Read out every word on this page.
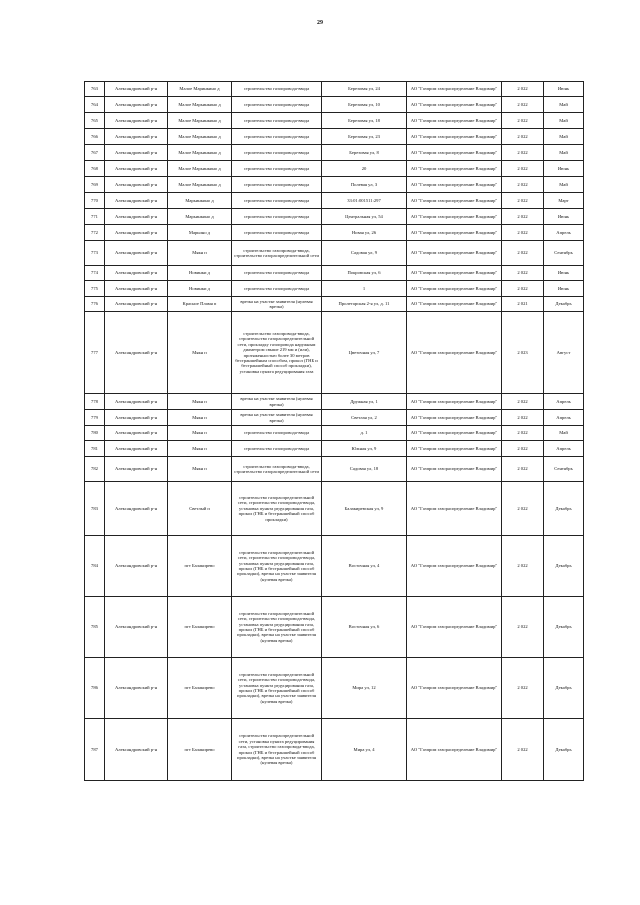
29
763	Александровский р-н	Малое Маринкино д	строительство газопровода-ввода	Березовая ул, 24	АО "Газпром газораспределение Владимир"	2 022	Июнь
764	Александровский р-н	Малое Марьинкино д	строительство газопровода-ввода	Березовая ул, 10	АО "Газпром газораспределение Владимир"	2 022	Май
765	Александровский р-н	Малое Марьинкино д	строительство газопровода-ввода	Березовая ул, 18	АО "Газпром газораспределение Владимир"	2 022	Май
766	Александровский р-н	Малое Марьинкино д	строительство газопровода-ввода	Березовая ул, 23	АО "Газпром газораспределение Владимир"	2 022	Май
767	Александровский р-н	Малое Марьинкино д	строительство газопровода-ввода	Березовая ул, 8	АО "Газпром газораспределение Владимир"	2 022	Май
768	Александровский р-н	Малое Марьинкино д	строительство газопровода-ввода	20	АО "Газпром газораспределение Владимир"	2 022	Июнь
769	Александровский р-н	Малое Марьинкино д	строительство газопровода-ввода	Полевая ул, 3	АО "Газпром газораспределение Владимир"	2 022	Май
770	Александровский р-н	Марьинкино д	строительство газопровода-ввода	33:01:001511:297	АО "Газпром газораспределение Владимир"	2 022	Март
771	Александровский р-н	Марьинкино д	строительство газопровода-ввода	Центральная ул, 54	АО "Газпром газораспределение Владимир"	2 022	Июнь
772	Александровский р-н	Марьино д	строительство газопровода-ввода	Новая ул, 26	АО "Газпром газораспределение Владимир"	2 022	Апрель
773	Александровский р-н	Мякн п	строительство газопровода-ввода, строительство газораспределительной сети	Садовая ул, 9	АО "Газпром газораспределение Владимир"	2 022	Сентябрь
774	Александровский р-н	Новинки д	строительство газопровода-ввода	Покровская ул, 6	АО "Газпром газораспределение Владимир"	2 022	Июнь
775	Александровский р-н	Новинки д	строительство газопровода-ввода	1	АО "Газпром газораспределение Владимир"	2 022	Июнь
776	Александровский р-н	Красное Пламя п	врезка на участке заявителя (нулевая врезка)	Пролетарская 2-я ул, д. 11	АО "Газпром газораспределение Владимир"	2 021	Декабрь
777	Александровский р-н	Мякн п	строительство газопровода-ввода, строительство газораспределительной сети, прокладку газопровода наружным диаметром свыше 219 мм и (или), протяженностью более 30 метров бестраншейным способом, прокол (ГНБ и бестраншейный способ прокладки), установка пункта редуцирования газа	Цветочная ул, 7	АО "Газпром газораспределение Владимир"	2 023	Август
778	Александровский р-н	Мякн п	врезка на участке заявителя (нулевая врезка)	Дружная ул, 1	АО "Газпром газораспределение Владимир"	2 022	Апрель
779	Александровский р-н	Мякн п	врезка на участке заявителя (нулевая врезка)	Светлая ул, 2	АО "Газпром газораспределение Владимир"	2 022	Апрель
780	Александровский р-н	Мякн п	строительство газопровода-ввода	д. 1	АО "Газпром газораспределение Владимир"	2 022	Май
781	Александровский р-н	Мякн п	строительство газопровода-ввода	Южная ул, 9	АО "Газпром газораспределение Владимир"	2 022	Апрель
782	Александровский р-н	Мякн п	строительство газопровода-ввода, строительство газораспределительной сети	Садовая ул, 18	АО "Газпром газораспределение Владимир"	2 022	Сентябрь
783	Александровский р-н	Светлый п	строительство газораспределительной сети, строительство газопровода-ввода, установка пункта редуцирования газа, прокол (ГНБ и бестраншейный способ прокладки)	Балакиревская ул, 9	АО "Газпром газораспределение Владимир"	2 022	Декабрь
784	Александровский р-н	пгт Балакирево	строительство газораспределительной сети, строительство газопровода-ввода, установка пункта редуцирования газа, прокол (ГНБ и бестраншейный способ прокладки), врезка на участке заявителя (нулевая врезка)	Восточная ул, 4	АО "Газпром газораспределение Владимир"	2 022	Декабрь
785	Александровский р-н	пгт Балакирево	строительство газораспределительной сети, строительство газопровода-ввода, установка пункта редуцирования газа, прокол (ГНБ и бестраншейный способ прокладки), врезка на участке заявителя (нулевая врезка)	Восточная ул, 6	АО "Газпром газораспределение Владимир"	2 022	Декабрь
786	Александровский р-н	пгт Балакирево	строительство газораспределительной сети, строительство газопровода-ввода, установка пункта редуцирования газа, прокол (ГНБ и бестраншейный способ прокладки), врезка на участке заявителя (нулевая врезка)	Мира ул, 12	АО "Газпром газораспределение Владимир"	2 022	Декабрь
787	Александровский р-н	пгт Балакирево	строительство газораспределительной сети, установка пункта редуцирования газа, строительство газопровода-ввода, прокол (ГНБ и бестраншейный способ прокладки), врезка на участке заявителя (нулевая врезка)	Мира ул, 4	АО "Газпром газораспределение Владимир"	2 022	Декабрь
